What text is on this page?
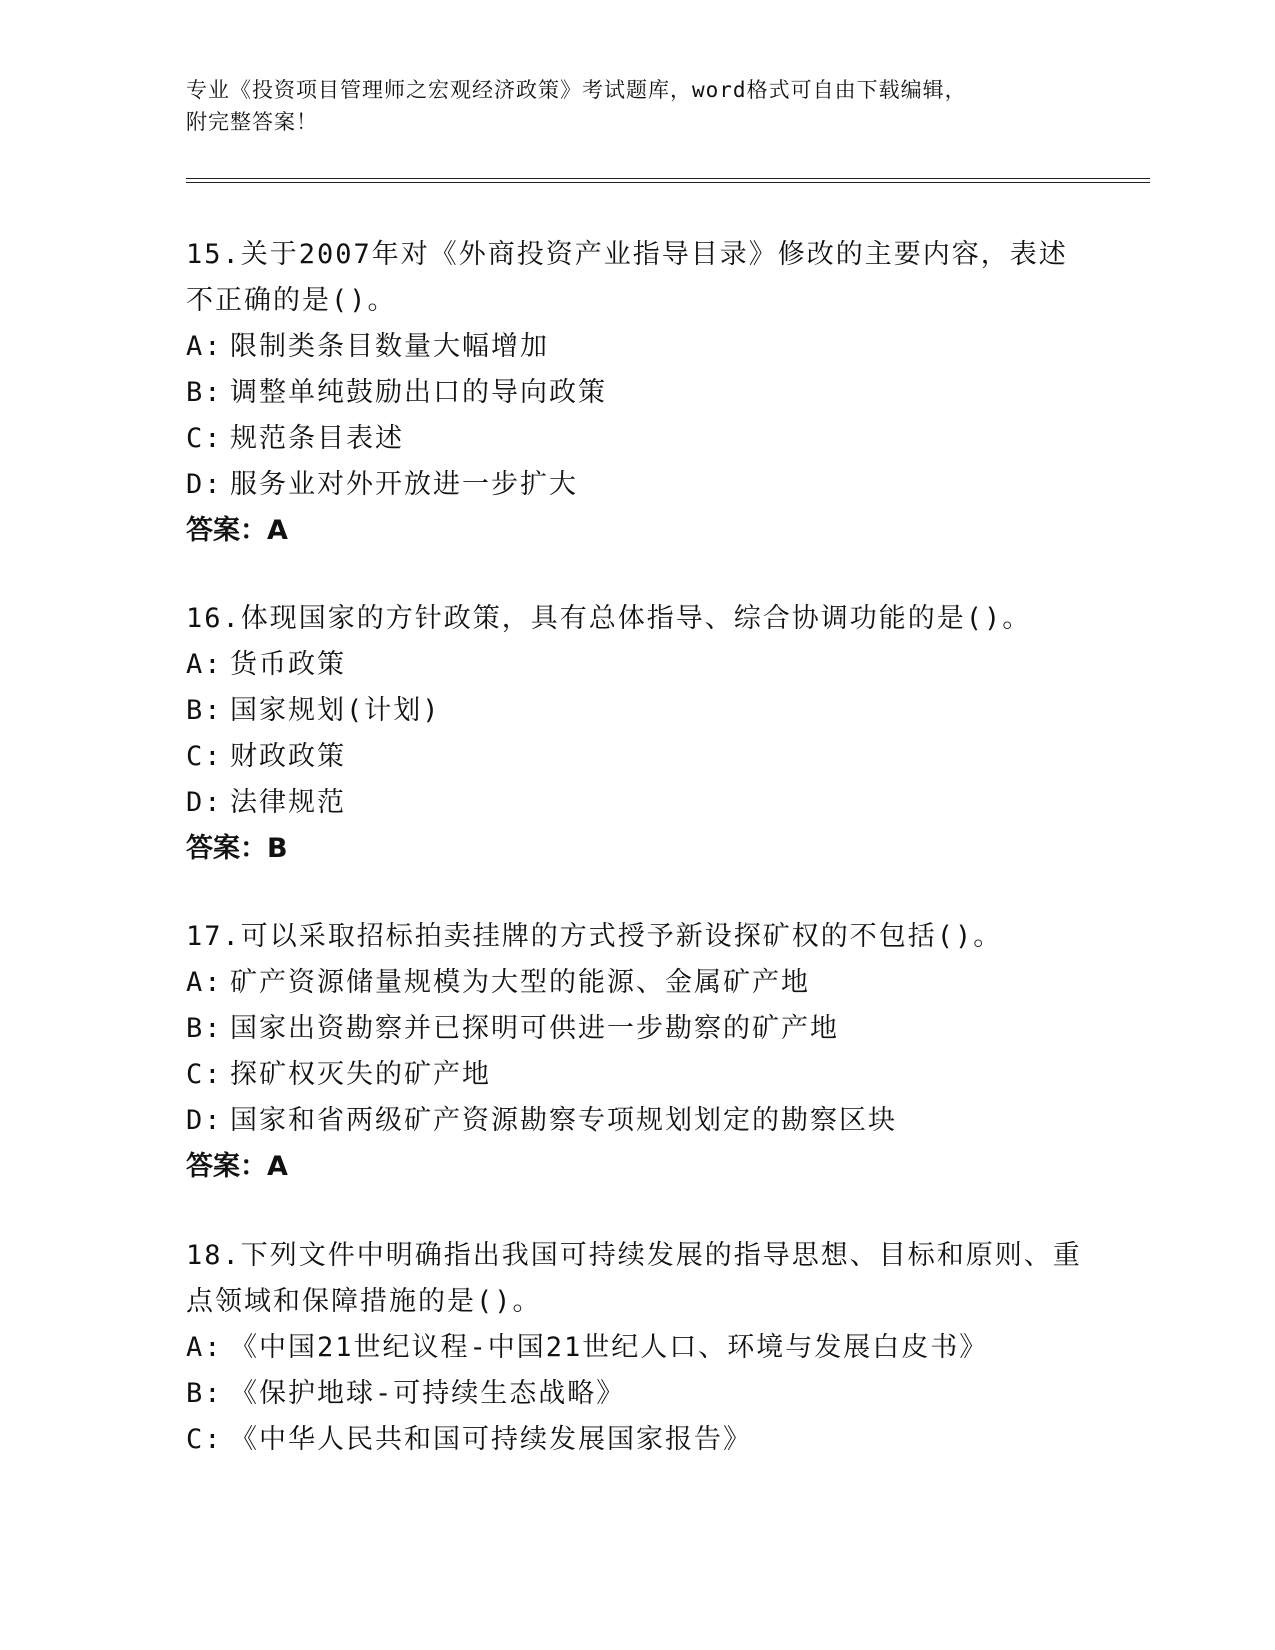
专业《投资项目管理师之宏观经济政策》考试题库，word格式可自由下载编辑，
附完整答案！

15.关于2007年对《外商投资产业指导目录》修改的主要内容，表述
不正确的是()。

A: 限制类条目数量大幅增加

B: 调整单纯鼓励出口的导向政策

C: 规范条目表述

D: 服务业对外开放进一步扩大

答案：A

16.体现国家的方针政策，具有总体指导、综合协调功能的是()。

A: 货币政策

B: 国家规划(计划)

C: 财政政策

D: 法律规范

答案：B

17.可以采取招标拍卖挂牌的方式授予新设探矿权的不包括()。

A: 矿产资源储量规模为大型的能源、金属矿产地

B: 国家出资勘察并已探明可供进一步勘察的矿产地

C: 探矿权灭失的矿产地

D: 国家和省两级矿产资源勘察专项规划划定的勘察区块

答案：A

18.下列文件中明确指出我国可持续发展的指导思想、目标和原则、重
点领域和保障措施的是()。

A: 《中国21世纪议程-中国21世纪人口、环境与发展白皮书》

B: 《保护地球-可持续生态战略》

C: 《中华人民共和国可持续发展国家报告》
